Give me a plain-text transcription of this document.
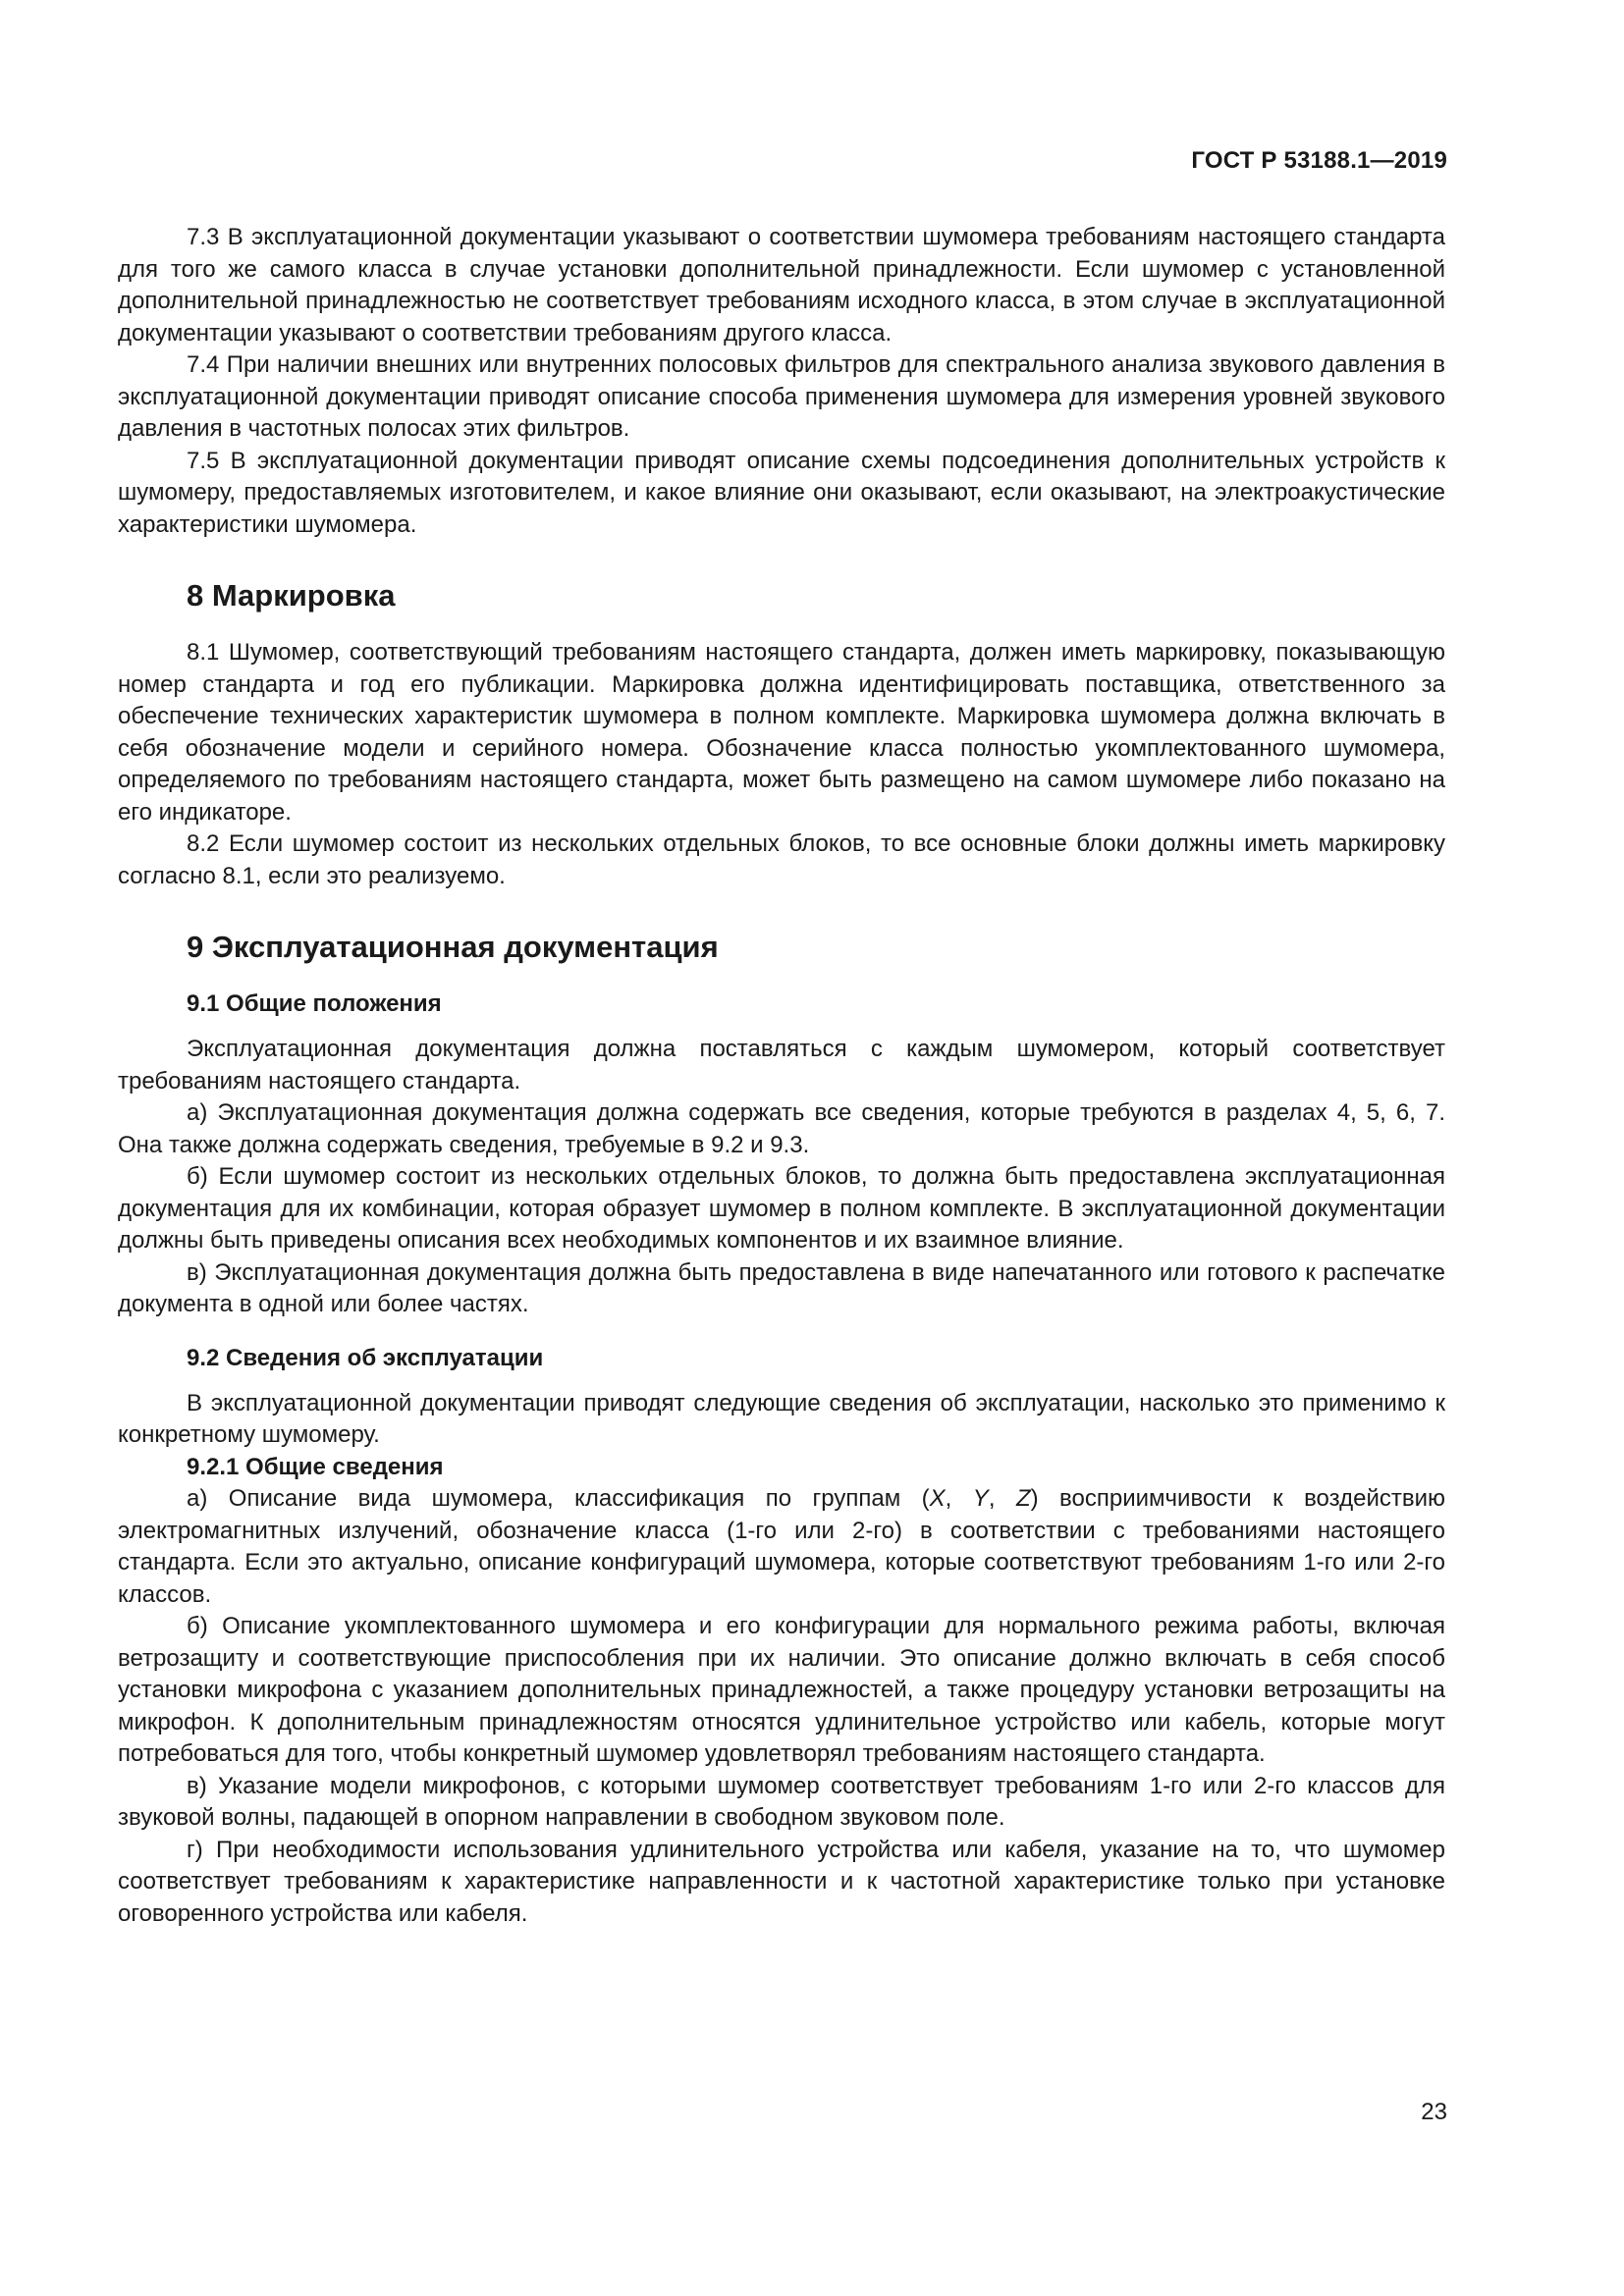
ГОСТ Р 53188.1—2019

7.3 В эксплуатационной документации указывают о соответствии шумомера требованиям настоящего стандарта для того же самого класса в случае установки дополнительной принадлежности. Если шумомер с установленной дополнительной принадлежностью не соответствует требованиям исходного класса, в этом случае в эксплуатационной документации указывают о соответствии требованиям другого класса.

7.4 При наличии внешних или внутренних полосовых фильтров для спектрального анализа звукового давления в эксплуатационной документации приводят описание способа применения шумомера для измерения уровней звукового давления в частотных полосах этих фильтров.

7.5 В эксплуатационной документации приводят описание схемы подсоединения дополнительных устройств к шумомеру, предоставляемых изготовителем, и какое влияние они оказывают, если оказывают, на электроакустические характеристики шумомера.

8 Маркировка

8.1 Шумомер, соответствующий требованиям настоящего стандарта, должен иметь маркировку, показывающую номер стандарта и год его публикации. Маркировка должна идентифицировать поставщика, ответственного за обеспечение технических характеристик шумомера в полном комплекте. Маркировка шумомера должна включать в себя обозначение модели и серийного номера. Обозначение класса полностью укомплектованного шумомера, определяемого по требованиям настоящего стандарта, может быть размещено на самом шумомере либо показано на его индикаторе.

8.2 Если шумомер состоит из нескольких отдельных блоков, то все основные блоки должны иметь маркировку согласно 8.1, если это реализуемо.

9 Эксплуатационная документация
9.1 Общие положения

Эксплуатационная документация должна поставляться с каждым шумомером, который соответствует требованиям настоящего стандарта.

а) Эксплуатационная документация должна содержать все сведения, которые требуются в разделах 4, 5, 6, 7. Она также должна содержать сведения, требуемые в 9.2 и 9.3.

б) Если шумомер состоит из нескольких отдельных блоков, то должна быть предоставлена эксплуатационная документация для их комбинации, которая образует шумомер в полном комплекте. В эксплуатационной документации должны быть приведены описания всех необходимых компонентов и их взаимное влияние.

в) Эксплуатационная документация должна быть предоставлена в виде напечатанного или готового к распечатке документа в одной или более частях.

9.2 Сведения об эксплуатации

В эксплуатационной документации приводят следующие сведения об эксплуатации, насколько это применимо к конкретному шумомеру.

9.2.1 Общие сведения

а) Описание вида шумомера, классификация по группам (X, Y, Z) восприимчивости к воздействию электромагнитных излучений, обозначение класса (1-го или 2-го) в соответствии с требованиями настоящего стандарта. Если это актуально, описание конфигураций шумомера, которые соответствуют требованиям 1-го или 2-го классов.

б) Описание укомплектованного шумомера и его конфигурации для нормального режима работы, включая ветрозащиту и соответствующие приспособления при их наличии. Это описание должно включать в себя способ установки микрофона с указанием дополнительных принадлежностей, а также процедуру установки ветрозащиты на микрофон. К дополнительным принадлежностям относятся удлинительное устройство или кабель, которые могут потребоваться для того, чтобы конкретный шумомер удовлетворял требованиям настоящего стандарта.

в) Указание модели микрофонов, с которыми шумомер соответствует требованиям 1-го или 2-го классов для звуковой волны, падающей в опорном направлении в свободном звуковом поле.

г) При необходимости использования удлинительного устройства или кабеля, указание на то, что шумомер соответствует требованиям к характеристике направленности и к частотной характеристике только при установке оговоренного устройства или кабеля.

23
